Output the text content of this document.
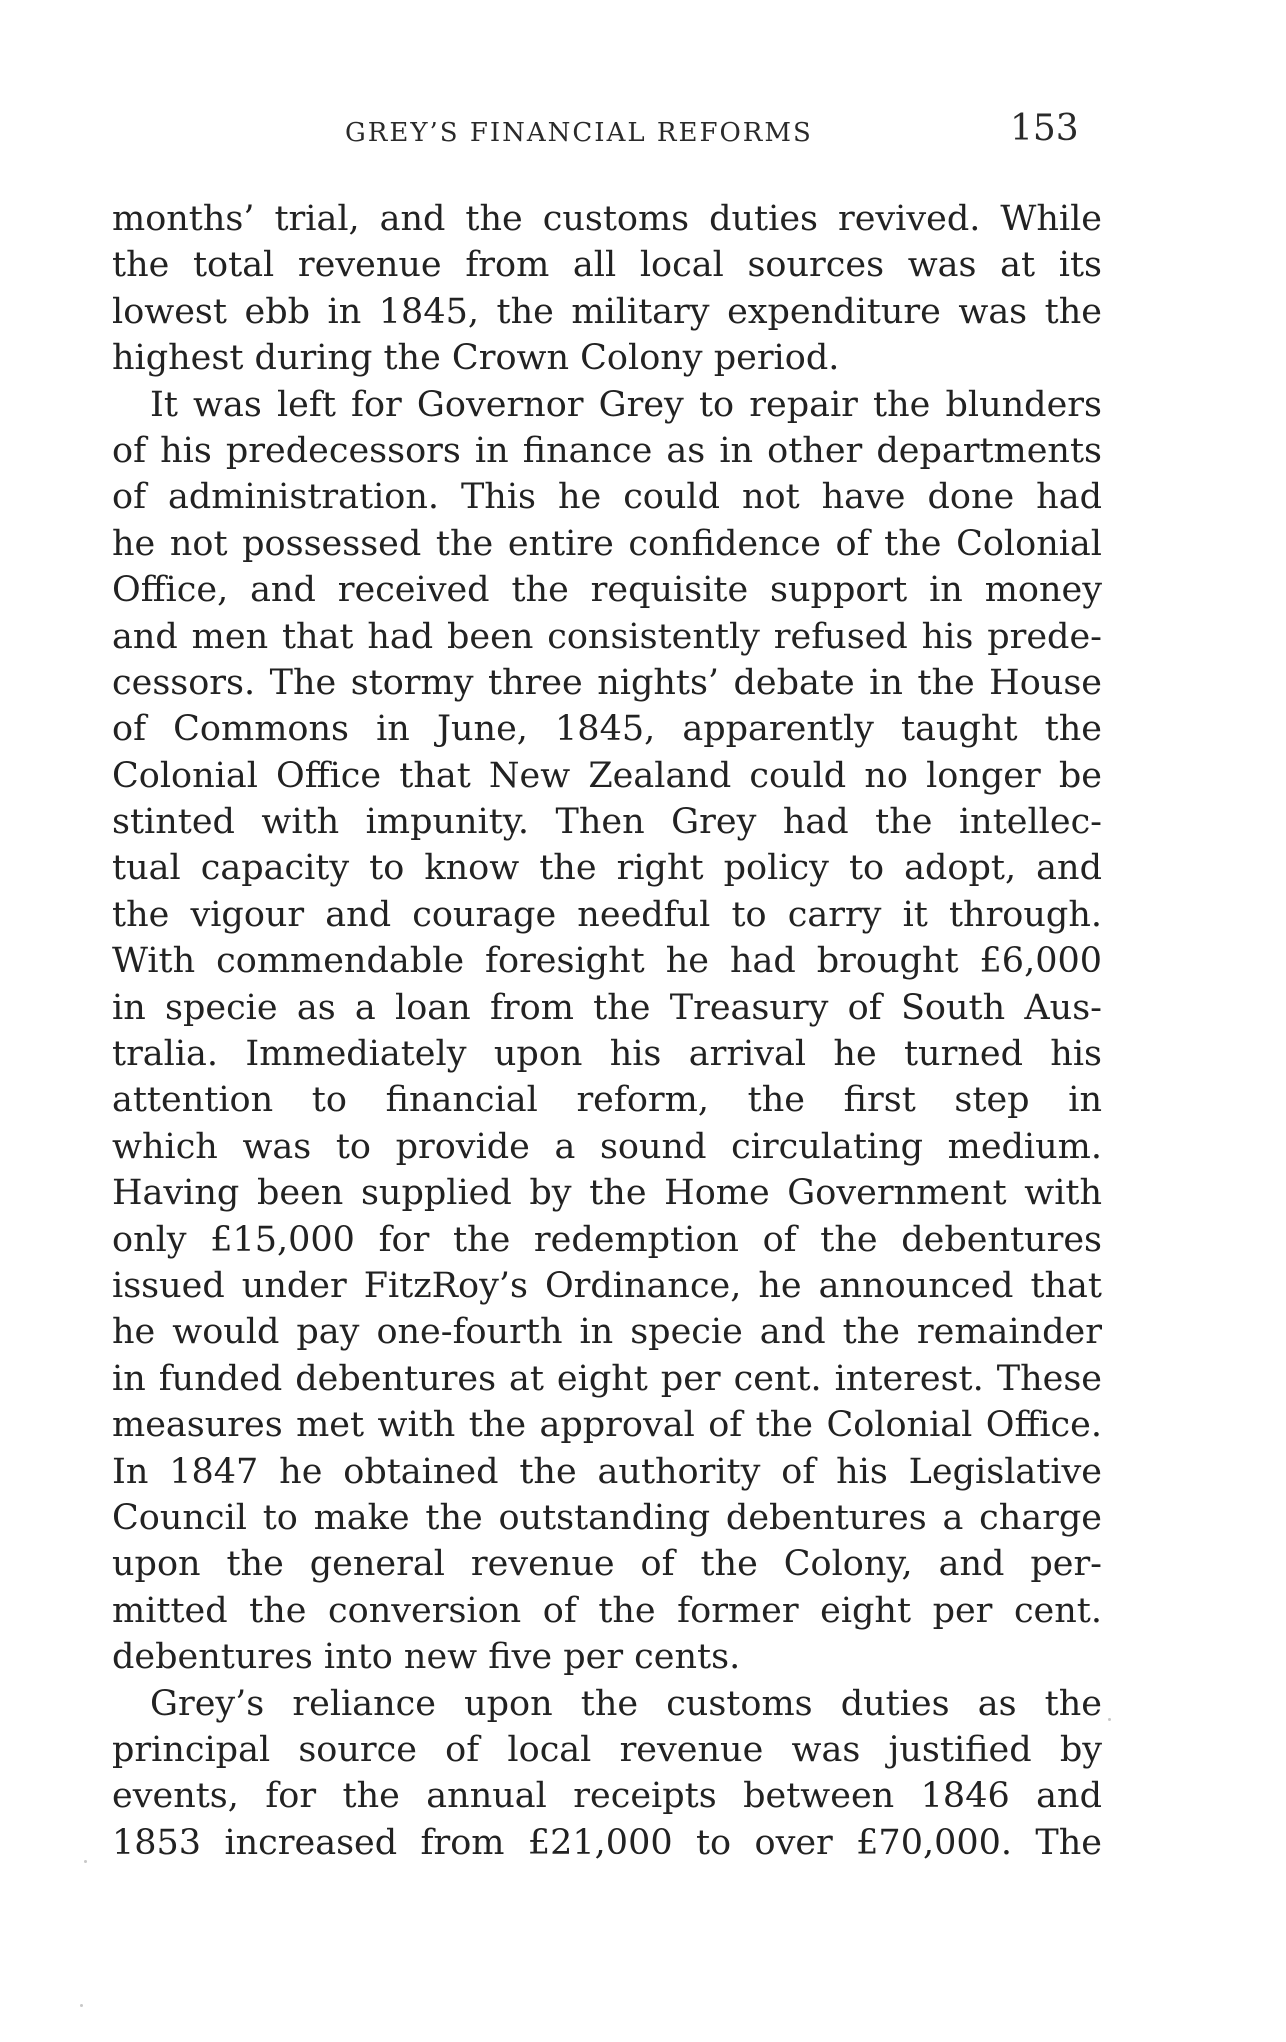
GREY’S FINANCIAL REFORMS	153
months’ trial, and the customs duties revived. While
the total revenue from all local sources was at its
lowest ebb in 1845, the military expenditure was the
highest during the Crown Colony period.
It was left for Governor Grey to repair the blunders
of his predecessors in finance as in other departments
of administration. This he could not have done had
he not possessed the entire confidence of the Colonial
Office, and received the requisite support in money
and men that had been consistently refused his prede-
cessors. The stormy three nights’ debate in the House
of Commons in June, 1845, apparently taught the
Colonial Office that New Zealand could no longer be
stinted with impunity. Then Grey had the intellec-
tual capacity to know the right policy to adopt, and
the vigour and courage needful to carry it through.
With commendable foresight he had brought £6,000
in specie as a loan from the Treasury of South Aus-
tralia. Immediately upon his arrival he turned his
attention to financial reform, the first step in
which was to provide a sound circulating medium.
Having been supplied by the Home Government with
only £15,000 for the redemption of the debentures
issued under FitzRoy’s Ordinance, he announced that
he would pay one-fourth in specie and the remainder
in funded debentures at eight per cent. interest. These
measures met with the approval of the Colonial Office.
In 1847 he obtained the authority of his Legislative
Council to make the outstanding debentures a charge
upon the general revenue of the Colony, and per-
mitted the conversion of the former eight per cent.
debentures into new five per cents.
Grey’s reliance upon the customs duties as the
principal source of local revenue was justified by
events, for the annual receipts between 1846 and
1853 increased from £21,000 to over £70,000. The
